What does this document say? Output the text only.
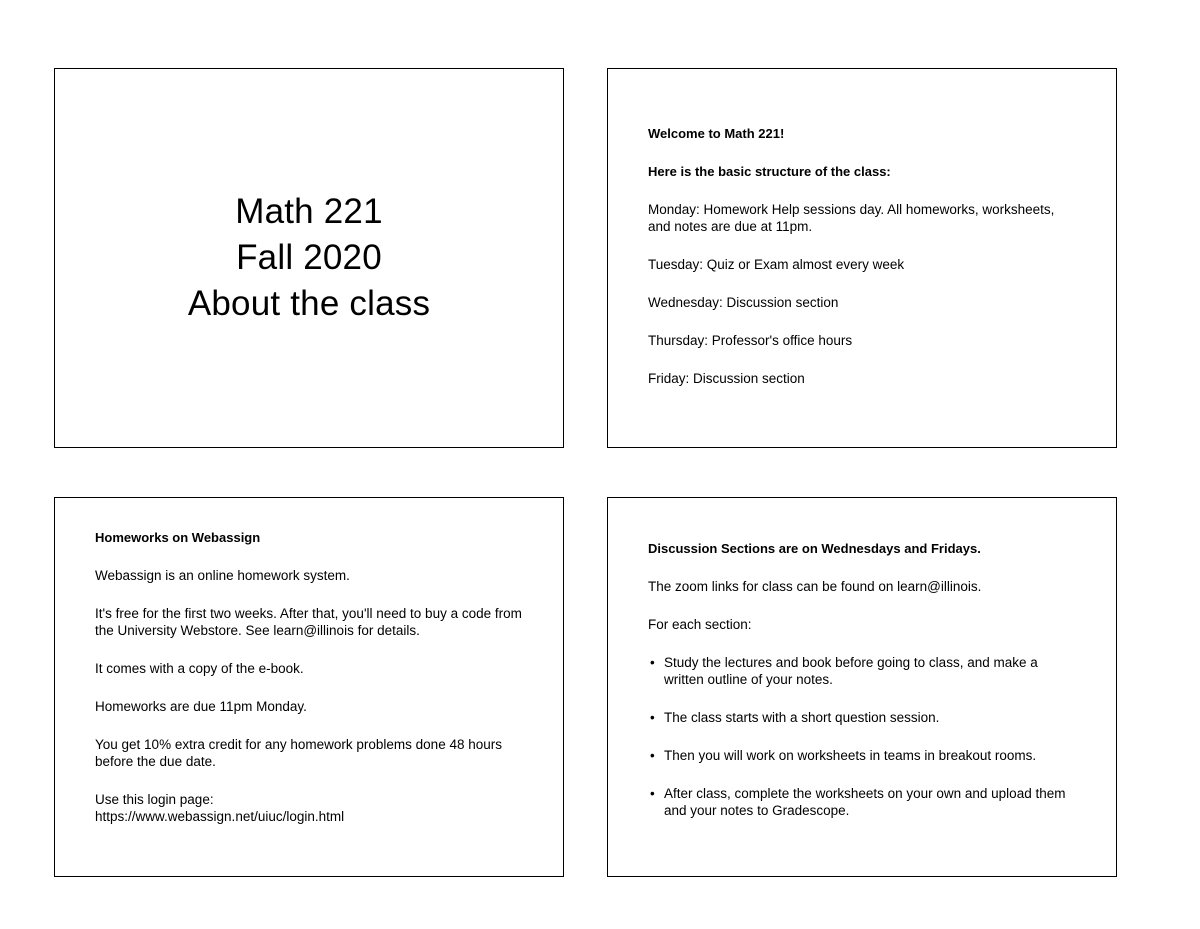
Math 221
Fall 2020
About the class
Welcome to Math 221!
Here is the basic structure of the class:
Monday: Homework Help sessions day. All homeworks, worksheets, and notes are due at 11pm.
Tuesday: Quiz or Exam almost every week
Wednesday: Discussion section
Thursday: Professor's office hours
Friday: Discussion section
Homeworks on Webassign
Webassign is an online homework system.
It's free for the first two weeks. After that, you'll need to buy a code from the University Webstore. See learn@illinois for details.
It comes with a copy of the e-book.
Homeworks are due 11pm Monday.
You get 10% extra credit for any homework problems done 48 hours before the due date.
Use this login page:
https://www.webassign.net/uiuc/login.html
Discussion Sections are on Wednesdays and Fridays.
The zoom links for class can be found on learn@illinois.
For each section:
• Study the lectures and book before going to class, and make a written outline of your notes.
• The class starts with a short question session.
• Then you will work on worksheets in teams in breakout rooms.
• After class, complete the worksheets on your own and upload them and your notes to Gradescope.
